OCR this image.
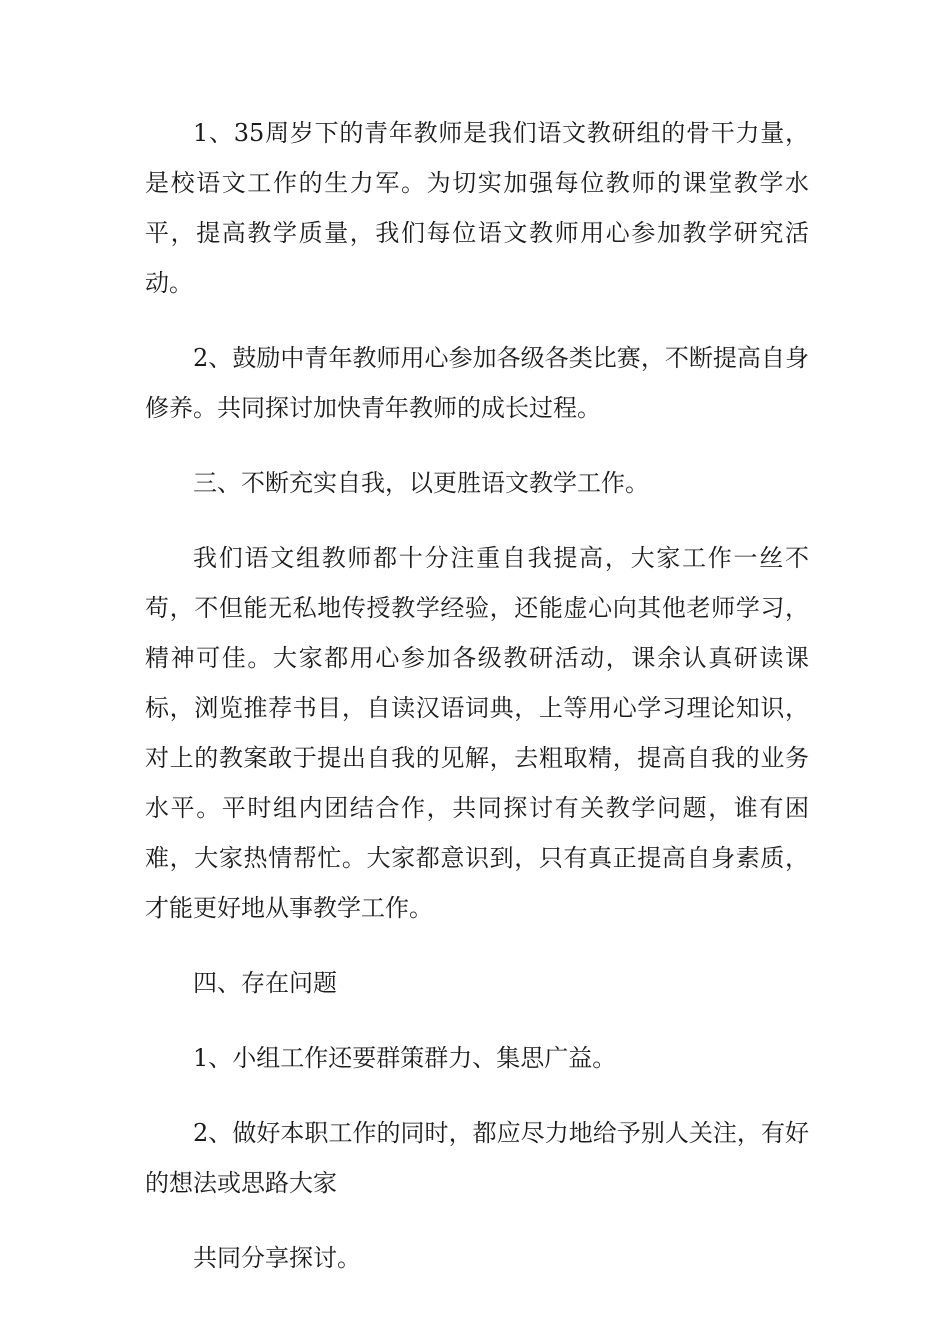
1、35周岁下的青年教师是我们语文教研组的骨干力量，是校语文工作的生力军。为切实加强每位教师的课堂教学水平，提高教学质量，我们每位语文教师用心参加教学研究活动。

2、鼓励中青年教师用心参加各级各类比赛，不断提高自身修养。共同探讨加快青年教师的成长过程。

三、不断充实自我，以更胜语文教学工作。

我们语文组教师都十分注重自我提高，大家工作一丝不苟，不但能无私地传授教学经验，还能虚心向其他老师学习，精神可佳。大家都用心参加各级教研活动，课余认真研读课标，浏览推荐书目，自读汉语词典，上等用心学习理论知识，对上的教案敢于提出自我的见解，去粗取精，提高自我的业务水平。平时组内团结合作，共同探讨有关教学问题，谁有困难，大家热情帮忙。大家都意识到，只有真正提高自身素质，才能更好地从事教学工作。

四、存在问题

1、小组工作还要群策群力、集思广益。

2、做好本职工作的同时，都应尽力地给予别人关注，有好的想法或思路大家

共同分享探讨。
